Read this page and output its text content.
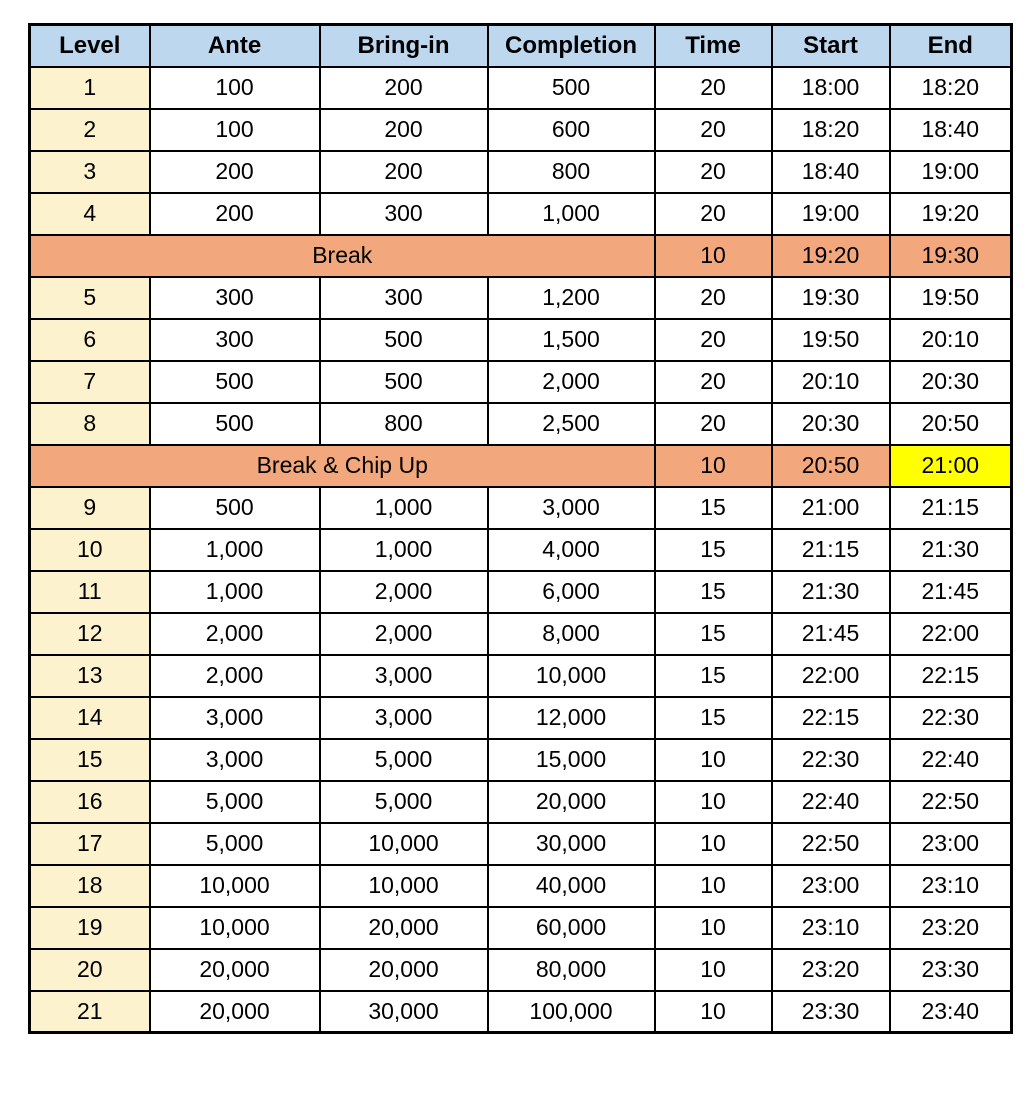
Level	Ante	Bring-in	Completion	Time	Start	End
1	100	200	500	20	18:00	18:20
2	100	200	600	20	18:20	18:40
3	200	200	800	20	18:40	19:00
4	200	300	1,000	20	19:00	19:20
Break				10	19:20	19:30
5	300	300	1,200	20	19:30	19:50
6	300	500	1,500	20	19:50	20:10
7	500	500	2,000	20	20:10	20:30
8	500	800	2,500	20	20:30	20:50
Break & Chip Up				10	20:50	21:00
9	500	1,000	3,000	15	21:00	21:15
10	1,000	1,000	4,000	15	21:15	21:30
11	1,000	2,000	6,000	15	21:30	21:45
12	2,000	2,000	8,000	15	21:45	22:00
13	2,000	3,000	10,000	15	22:00	22:15
14	3,000	3,000	12,000	15	22:15	22:30
15	3,000	5,000	15,000	10	22:30	22:40
16	5,000	5,000	20,000	10	22:40	22:50
17	5,000	10,000	30,000	10	22:50	23:00
18	10,000	10,000	40,000	10	23:00	23:10
19	10,000	20,000	60,000	10	23:10	23:20
20	20,000	20,000	80,000	10	23:20	23:30
21	20,000	30,000	100,000	10	23:30	23:40
